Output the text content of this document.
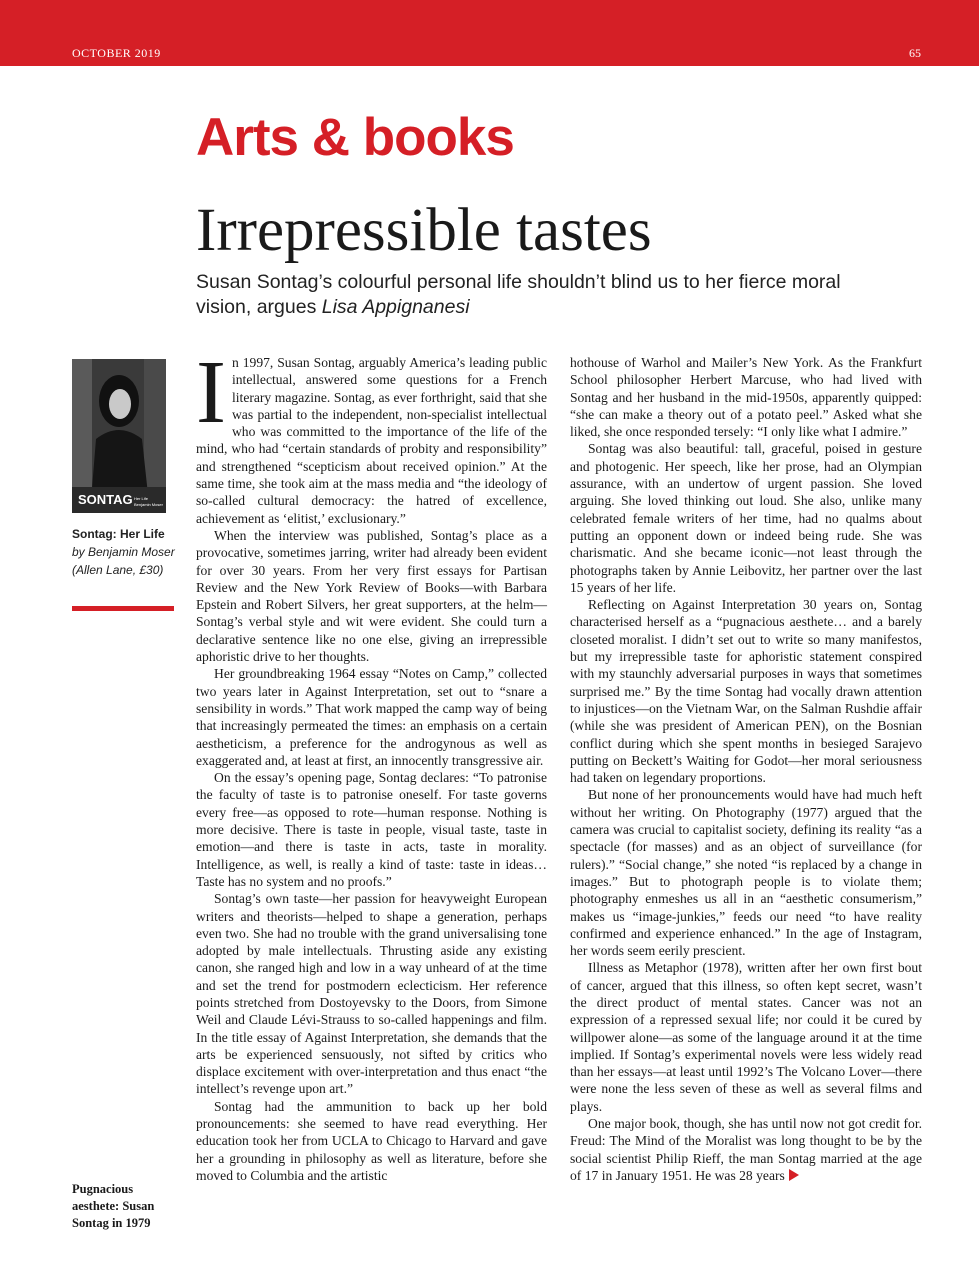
OCTOBER 2019	65
Arts & books
Irrepressible tastes

Susan Sontag’s colourful personal life shouldn’t blind us to her fierce moral vision, argues Lisa Appignanesi

SONTAG Her Life
Benjamin Moser
Sontag: Her Life
by Benjamin Moser (Allen Lane, £30)
Pugnacious aesthete: Susan Sontag in 1979

In 1997, Susan Sontag, arguably America’s leading public intellectual, answered some questions for a French literary magazine. Sontag, as ever forthright, said that she was partial to the independent, non-specialist intellectual who was committed to the importance of the life of the mind, who had “certain standards of probity and responsibility” and strengthened “scepticism about received opinion.” At the same time, she took aim at the mass media and “the ideology of so-called cultural democracy: the hatred of excellence, achievement as ‘elitist,’ exclusionary.”

When the interview was published, Sontag’s place as a provocative, sometimes jarring, writer had already been evident for over 30 years. From her very first essays for Partisan Review and the New York Review of Books—with Barbara Epstein and Robert Silvers, her great supporters, at the helm—Sontag’s verbal style and wit were evident. She could turn a declarative sentence like no one else, giving an irrepressible aphoristic drive to her thoughts.

Her groundbreaking 1964 essay “Notes on Camp,” collected two years later in Against Interpretation, set out to “snare a sensibility in words.” That work mapped the camp way of being that increasingly permeated the times: an emphasis on a certain aestheticism, a preference for the androgynous as well as exaggerated and, at least at first, an innocently transgressive air.

On the essay’s opening page, Sontag declares: “To patronise the faculty of taste is to patronise oneself. For taste governs every free—as opposed to rote—human response. Nothing is more decisive. There is taste in people, visual taste, taste in emotion—and there is taste in acts, taste in morality. Intelligence, as well, is really a kind of taste: taste in ideas… Taste has no system and no proofs.”

Sontag’s own taste—her passion for heavyweight European writers and theorists—helped to shape a generation, perhaps even two. She had no trouble with the grand universalising tone adopted by male intellectuals. Thrusting aside any existing canon, she ranged high and low in a way unheard of at the time and set the trend for postmodern eclecticism. Her reference points stretched from Dostoyevsky to the Doors, from Simone Weil and Claude Lévi-Strauss to so-called happenings and film. In the title essay of Against Interpretation, she demands that the arts be experienced sensuously, not sifted by critics who displace excitement with over-interpretation and thus enact “the intellect’s revenge upon art.”

Sontag had the ammunition to back up her bold pronouncements: she seemed to have read everything. Her education took her from UCLA to Chicago to Harvard and gave her a grounding in philosophy as well as literature, before she moved to Columbia and the artistic

hothouse of Warhol and Mailer’s New York. As the Frankfurt School philosopher Herbert Marcuse, who had lived with Sontag and her husband in the mid-1950s, apparently quipped: “she can make a theory out of a potato peel.” Asked what she liked, she once responded tersely: “I only like what I admire.”

Sontag was also beautiful: tall, graceful, poised in gesture and photogenic. Her speech, like her prose, had an Olympian assurance, with an undertow of urgent passion. She loved arguing. She loved thinking out loud. She also, unlike many celebrated female writers of her time, had no qualms about putting an opponent down or indeed being rude. She was charismatic. And she became iconic—not least through the photographs taken by Annie Leibovitz, her partner over the last 15 years of her life.

Reflecting on Against Interpretation 30 years on, Sontag characterised herself as a “pugnacious aesthete… and a barely closeted moralist. I didn’t set out to write so many manifestos, but my irrepressible taste for aphoristic statement conspired with my staunchly adversarial purposes in ways that sometimes surprised me.” By the time Sontag had vocally drawn attention to injustices—on the Vietnam War, on the Salman Rushdie affair (while she was president of American PEN), on the Bosnian conflict during which she spent months in besieged Sarajevo putting on Beckett’s Waiting for Godot—her moral seriousness had taken on legendary proportions.

But none of her pronouncements would have had much heft without her writing. On Photography (1977) argued that the camera was crucial to capitalist society, defining its reality “as a spectacle (for masses) and as an object of surveillance (for rulers).” “Social change,” she noted “is replaced by a change in images.” But to photograph people is to violate them; photography enmeshes us all in an “aesthetic consumerism,” makes us “image-junkies,” feeds our need “to have reality confirmed and experience enhanced.” In the age of Instagram, her words seem eerily prescient.

Illness as Metaphor (1978), written after her own first bout of cancer, argued that this illness, so often kept secret, wasn’t the direct product of mental states. Cancer was not an expression of a repressed sexual life; nor could it be cured by willpower alone—as some of the language around it at the time implied. If Sontag’s experimental novels were less widely read than her essays—at least until 1992’s The Volcano Lover—there were none the less seven of these as well as several films and plays.

One major book, though, she has until now not got credit for. Freud: The Mind of the Moralist was long thought to be by the social scientist Philip Rieff, the man Sontag married at the age of 17 in January 1951. He was 28 years
